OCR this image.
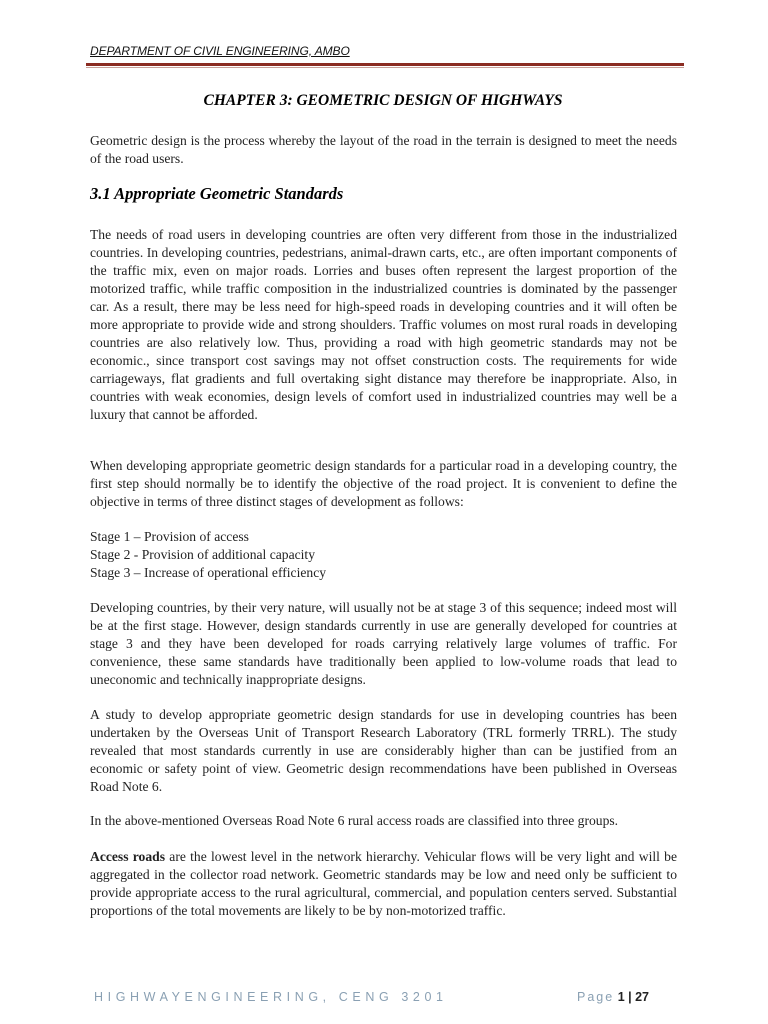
DEPARTMENT OF CIVIL ENGINEERING, AMBO
CHAPTER 3: GEOMETRIC DESIGN OF HIGHWAYS

Geometric design is the process whereby the layout of the road in the terrain is designed to meet the needs of the road users.

3.1 Appropriate Geometric Standards

The needs of road users in developing countries are often very different from those in the industrialized countries. In developing countries, pedestrians, animal-drawn carts, etc., are often important components of the traffic mix, even on major roads. Lorries and buses often represent the largest proportion of the motorized traffic, while traffic composition in the industrialized countries is dominated by the passenger car. As a result, there may be less need for high-speed roads in developing countries and it will often be more appropriate to provide wide and strong shoulders. Traffic volumes on most rural roads in developing countries are also relatively low. Thus, providing a road with high geometric standards may not be economic., since transport cost savings may not offset construction costs. The requirements for wide carriageways, flat gradients and full overtaking sight distance may therefore be inappropriate. Also, in countries with weak economies, design levels of comfort used in industrialized countries may well be a luxury that cannot be afforded.

When developing appropriate geometric design standards for a particular road in a developing country, the first step should normally be to identify the objective of the road project. It is convenient to define the objective in terms of three distinct stages of development as follows:

Stage 1 – Provision of access
Stage 2 - Provision of additional capacity
Stage 3 – Increase of operational efficiency

Developing countries, by their very nature, will usually not be at stage 3 of this sequence; indeed most will be at the first stage. However, design standards currently in use are generally developed for countries at stage 3 and they have been developed for roads carrying relatively large volumes of traffic. For convenience, these same standards have traditionally been applied to low-volume roads that lead to uneconomic and technically inappropriate designs.

A study to develop appropriate geometric design standards for use in developing countries has been undertaken by the Overseas Unit of Transport Research Laboratory (TRL formerly TRRL). The study revealed that most standards currently in use are considerably higher than can be justified from an economic or safety point of view. Geometric design recommendations have been published in Overseas Road Note 6.

In the above-mentioned Overseas Road Note 6 rural access roads are classified into three groups.

Access roads are the lowest level in the network hierarchy. Vehicular flows will be very light and will be aggregated in the collector road network. Geometric standards may be low and need only be sufficient to provide appropriate access to the rural agricultural, commercial, and population centers served. Substantial proportions of the total movements are likely to be by non-motorized traffic.

HIGHWAYENGINEERING, CENG 3201	Page 1 | 27
